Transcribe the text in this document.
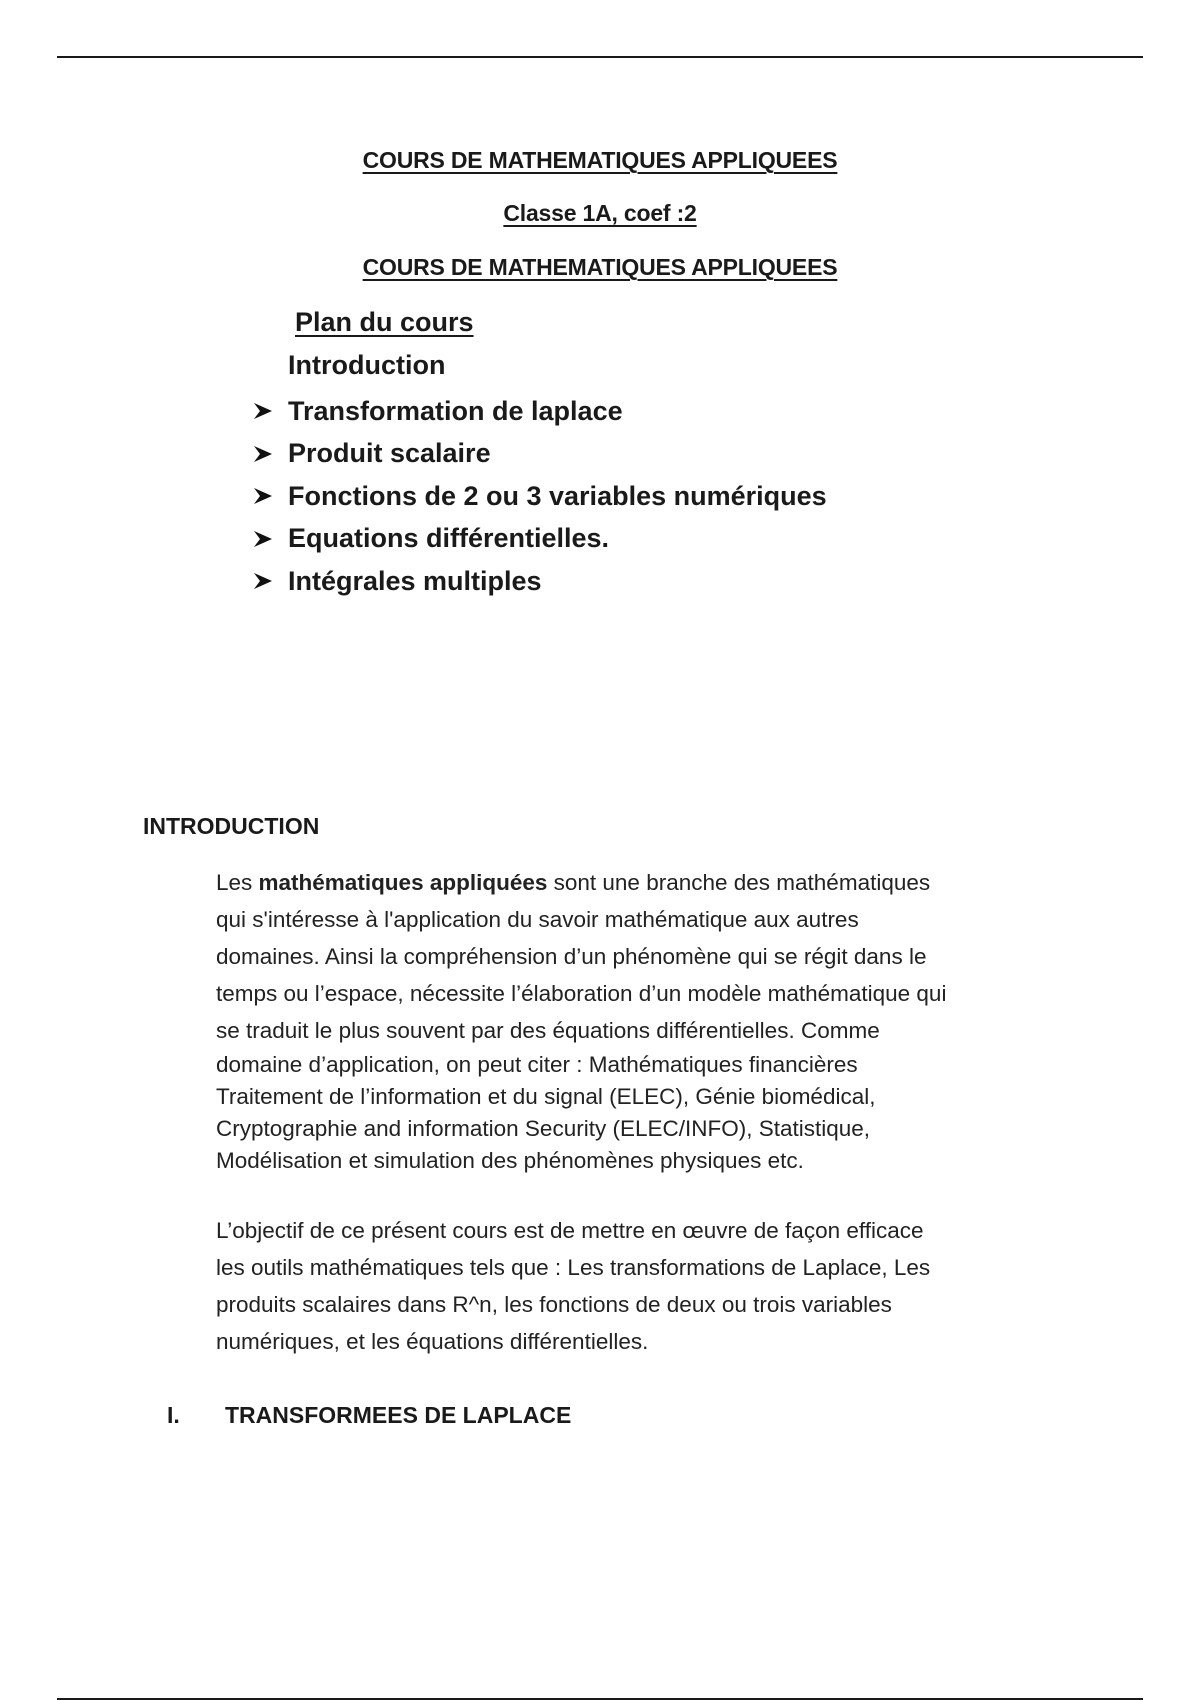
COURS DE MATHEMATIQUES APPLIQUEES
Classe 1A, coef :2
COURS DE MATHEMATIQUES APPLIQUEES
Plan du cours
Introduction
Transformation de laplace
Produit scalaire
Fonctions de 2 ou 3 variables numériques
Equations différentielles.
Intégrales multiples
INTRODUCTION
Les mathématiques appliquées sont une branche des mathématiques
qui s'intéresse à l'application du savoir mathématique aux autres
domaines. Ainsi la compréhension d’un phénomène qui se régit dans le
temps ou l’espace, nécessite l’élaboration d’un modèle mathématique qui
se traduit le plus souvent par des équations différentielles. Comme
domaine d’application, on peut citer : Mathématiques financières
Traitement de l’information et du signal (ELEC), Génie biomédical,
Cryptographie and information Security (ELEC/INFO), Statistique,
Modélisation et simulation des phénomènes physiques etc.
L’objectif de ce présent cours est de mettre en œuvre de façon efficace
les outils mathématiques tels que : Les transformations de Laplace, Les
produits scalaires dans R^n, les fonctions de deux ou trois variables
numériques, et les équations différentielles.
I.	TRANSFORMEES DE LAPLACE
